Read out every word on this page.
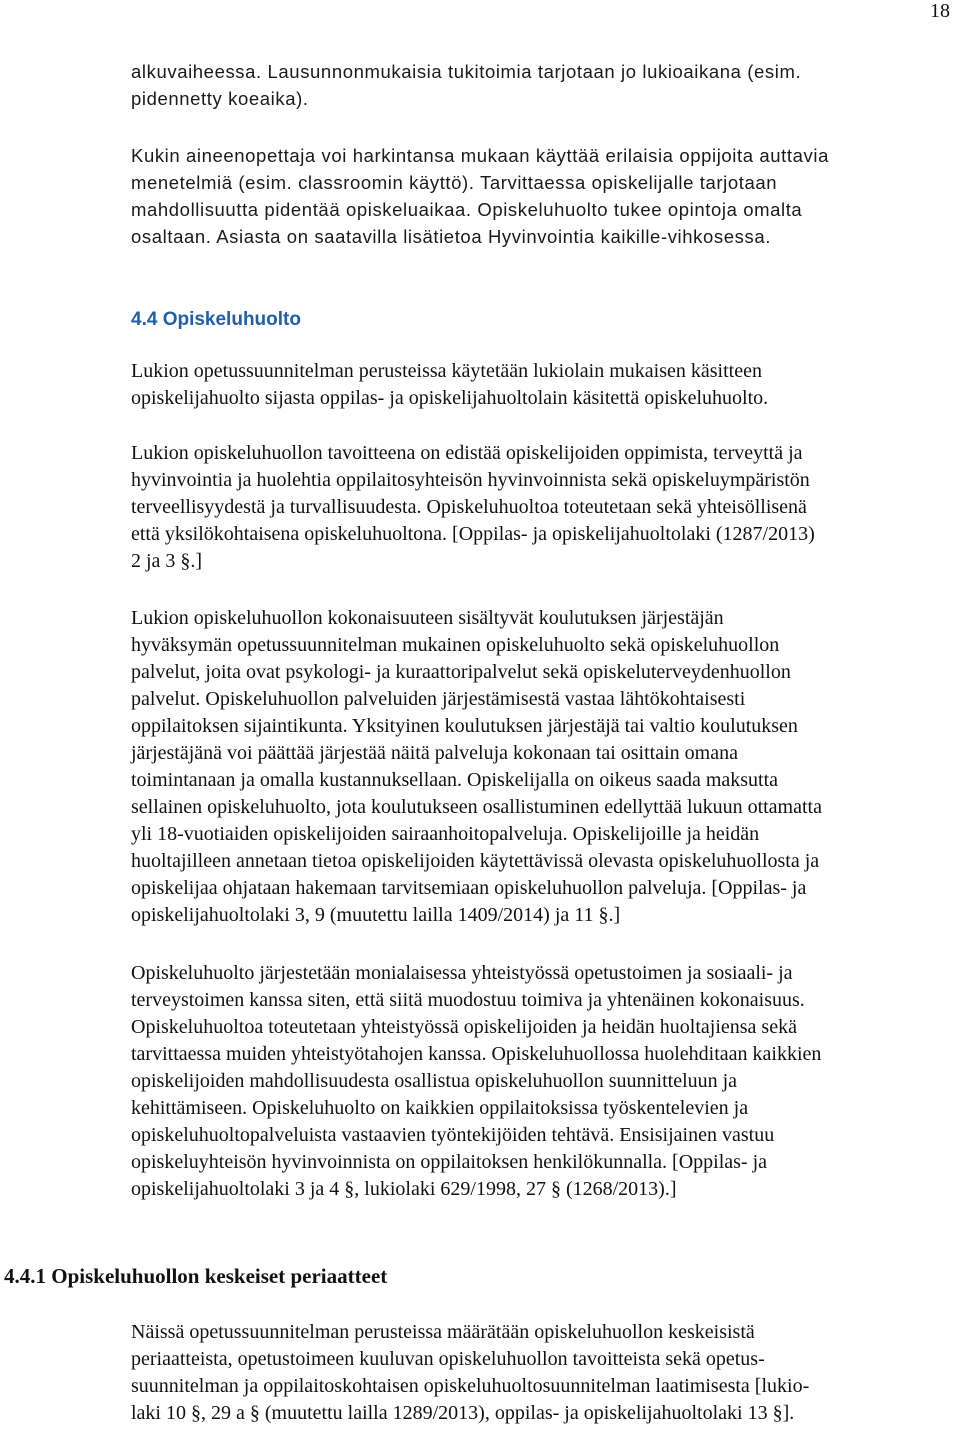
18
alkuvaiheessa. Lausunnonmukaisia tukitoimia tarjotaan jo lukioaikana (esim.
pidennetty koeaika).
Kukin aineenopettaja voi harkintansa mukaan käyttää erilaisia oppijoita auttavia
menetelmiä (esim. classroomin käyttö). Tarvittaessa opiskelijalle tarjotaan
mahdollisuutta pidentää opiskeluaikaa. Opiskeluhuolto tukee opintoja omalta
osaltaan. Asiasta on saatavilla lisätietoa Hyvinvointia kaikille-vihkosessa.
4.4 Opiskeluhuolto
Lukion opetussuunnitelman perusteissa käytetään lukiolain mukaisen käsitteen
opiskelijahuolto sijasta oppilas- ja opiskelijahuoltolain käsitettä opiskeluhuolto.
Lukion opiskeluhuollon tavoitteena on edistää opiskelijoiden oppimista, terveyttä ja
hyvinvointia ja huolehtia oppilaitosyhteisön hyvinvoinnista sekä opiskeluympäristön
terveellisyydestä ja turvallisuudesta. Opiskeluhuoltoa toteutetaan sekä yhteisöllisenä
että yksilökohtaisena opiskeluhuoltona. [Oppilas- ja opiskelijahuoltolaki (1287/2013)
2 ja 3 §.]
Lukion opiskeluhuollon kokonaisuuteen sisältyvät koulutuksen järjestäjän
hyväksymän opetussuunnitelman mukainen opiskeluhuolto sekä opiskeluhuollon
palvelut, joita ovat psykologi- ja kuraattoripalvelut sekä opiskeluterveydenhuollon
palvelut. Opiskeluhuollon palveluiden järjestämisestä vastaa lähtökohtaisesti
oppilaitoksen sijaintikunta. Yksityinen koulutuksen järjestäjä tai valtio koulutuksen
järjestäjänä voi päättää järjestää näitä palveluja kokonaan tai osittain omana
toimintanaan ja omalla kustannuksellaan. Opiskelijalla on oikeus saada maksutta
sellainen opiskeluhuolto, jota koulutukseen osallistuminen edellyttää lukuun ottamatta
yli 18-vuotiaiden opiskelijoiden sairaanhoitopalveluja. Opiskelijoille ja heidän
huoltajilleen annetaan tietoa opiskelijoiden käytettävissä olevasta opiskeluhuollosta ja
opiskelijaa ohjataan hakemaan tarvitsemiaan opiskeluhuollon palveluja. [Oppilas- ja
opiskelijahuoltolaki 3, 9 (muutettu lailla 1409/2014) ja 11 §.]
Opiskeluhuolto järjestetään monialaisessa yhteistyössä opetustoimen ja sosiaali- ja
terveystoimen kanssa siten, että siitä muodostuu toimiva ja yhtenäinen kokonaisuus.
Opiskeluhuoltoa toteutetaan yhteistyössä opiskelijoiden ja heidän huoltajiensa sekä
tarvittaessa muiden yhteistyötahojen kanssa. Opiskeluhuollossa huolehditaan kaikkien
opiskelijoiden mahdollisuudesta osallistua opiskeluhuollon suunnitteluun ja
kehittämiseen. Opiskeluhuolto on kaikkien oppilaitoksissa työskentelevien ja
opiskeluhuoltopalveluista vastaavien työntekijöiden tehtävä. Ensisijainen vastuu
opiskeluyhteisön hyvinvoinnista on oppilaitoksen henkilökunnalla. [Oppilas- ja
opiskelijahuoltolaki 3 ja 4 §, lukiolaki 629/1998, 27 § (1268/2013).]
4.4.1 Opiskeluhuollon keskeiset periaatteet
Näissä opetussuunnitelman perusteissa määrätään opiskeluhuollon keskeisistä
periaatteista, opetustoimeen kuuluvan opiskeluhuollon tavoitteista sekä opetus-
suunnitelman ja oppilaitoskohtaisen opiskeluhuoltosuunnitelman laatimisesta [lukio-
laki 10 §, 29 a § (muutettu lailla 1289/2013), oppilas- ja opiskelijahuoltolaki 13 §].
